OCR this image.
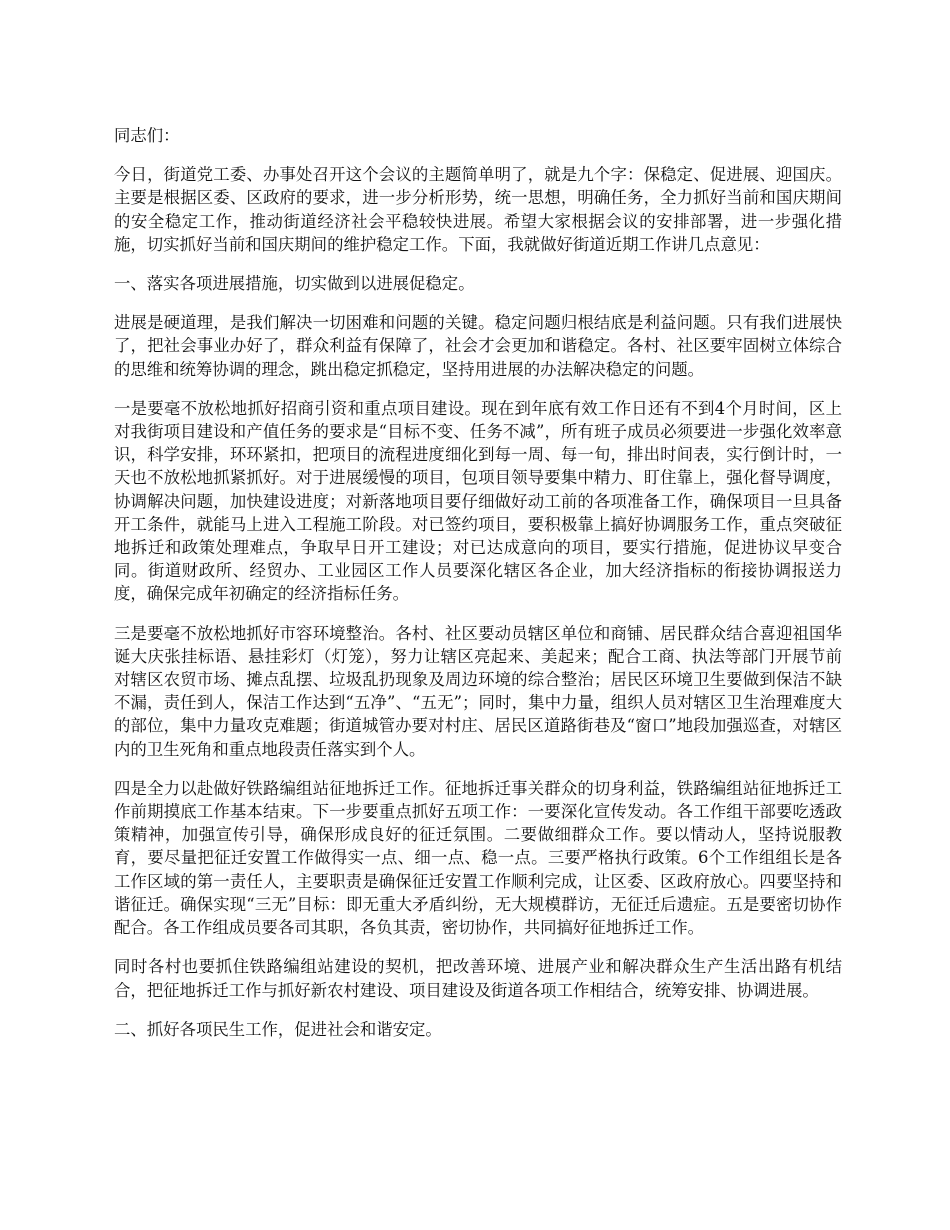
同志们：

今日，街道党工委、办事处召开这个会议的主题简单明了，就是九个字：保稳定、促进展、迎国庆。主要是根据区委、区政府的要求，进一步分析形势，统一思想，明确任务，全力抓好当前和国庆期间的安全稳定工作，推动街道经济社会平稳较快进展。希望大家根据会议的安排部署，进一步强化措施，切实抓好当前和国庆期间的维护稳定工作。下面，我就做好街道近期工作讲几点意见：

一、落实各项进展措施，切实做到以进展促稳定。

进展是硬道理，是我们解决一切困难和问题的关键。稳定问题归根结底是利益问题。只有我们进展快了，把社会事业办好了，群众利益有保障了，社会才会更加和谐稳定。各村、社区要牢固树立体综合的思维和统筹协调的理念，跳出稳定抓稳定，坚持用进展的办法解决稳定的问题。

一是要毫不放松地抓好招商引资和重点项目建设。现在到年底有效工作日还有不到4个月时间，区上对我街项目建设和产值任务的要求是“目标不变、任务不减”，所有班子成员必须要进一步强化效率意识，科学安排，环环紧扣，把项目的流程进度细化到每一周、每一旬，排出时间表，实行倒计时，一天也不放松地抓紧抓好。对于进展缓慢的项目，包项目领导要集中精力、盯住靠上，强化督导调度，协调解决问题，加快建设进度；对新落地项目要仔细做好动工前的各项准备工作，确保项目一旦具备开工条件，就能马上进入工程施工阶段。对已签约项目，要积极靠上搞好协调服务工作，重点突破征地拆迁和政策处理难点，争取早日开工建设；对已达成意向的项目，要实行措施，促进协议早变合同。街道财政所、经贸办、工业园区工作人员要深化辖区各企业，加大经济指标的衔接协调报送力度，确保完成年初确定的经济指标任务。

三是要毫不放松地抓好市容环境整治。各村、社区要动员辖区单位和商铺、居民群众结合喜迎祖国华诞大庆张挂标语、悬挂彩灯（灯笼），努力让辖区亮起来、美起来；配合工商、执法等部门开展节前对辖区农贸市场、摊点乱摆、垃圾乱扔现象及周边环境的综合整治；居民区环境卫生要做到保洁不缺不漏，责任到人，保洁工作达到“五净”、“五无”；同时，集中力量，组织人员对辖区卫生治理难度大的部位，集中力量攻克难题；街道城管办要对村庄、居民区道路街巷及“窗口”地段加强巡查，对辖区内的卫生死角和重点地段责任落实到个人。

四是全力以赴做好铁路编组站征地拆迁工作。征地拆迁事关群众的切身利益，铁路编组站征地拆迁工作前期摸底工作基本结束。下一步要重点抓好五项工作：一要深化宣传发动。各工作组干部要吃透政策精神，加强宣传引导，确保形成良好的征迁氛围。二要做细群众工作。要以情动人，坚持说服教育，要尽量把征迁安置工作做得实一点、细一点、稳一点。三要严格执行政策。6个工作组组长是各工作区域的第一责任人，主要职责是确保征迁安置工作顺利完成，让区委、区政府放心。四要坚持和谐征迁。确保实现“三无”目标：即无重大矛盾纠纷，无大规模群访，无征迁后遗症。五是要密切协作配合。各工作组成员要各司其职，各负其责，密切协作，共同搞好征地拆迁工作。

同时各村也要抓住铁路编组站建设的契机，把改善环境、进展产业和解决群众生产生活出路有机结合，把征地拆迁工作与抓好新农村建设、项目建设及街道各项工作相结合，统筹安排、协调进展。

二、抓好各项民生工作，促进社会和谐安定。
